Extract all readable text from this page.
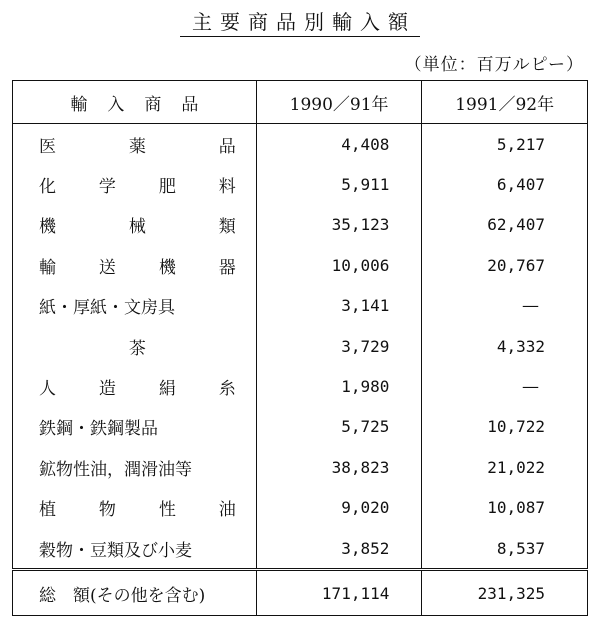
主要商品別輸入額
（単位：百万ルピー）
輸 入 商 品	1990／91年	1991／92年

医 薬 品	4,408	5,217

化 学 肥 料	5,911	6,407

機 械 類	35,123	62,407

輸 送 機 器	10,006	20,767

紙・厚紙・文房具	3,141	—

茶	3,729	4,332

人 造 絹 糸	1,980	—

鉄鋼・鉄鋼製品	5,725	10,722

鉱物性油，潤滑油等	38,823	21,022

植 物 性 油	9,020	10,087

穀物・豆類及び小麦	3,852	8,537

総　額(その他を含む)	171,114	231,325
